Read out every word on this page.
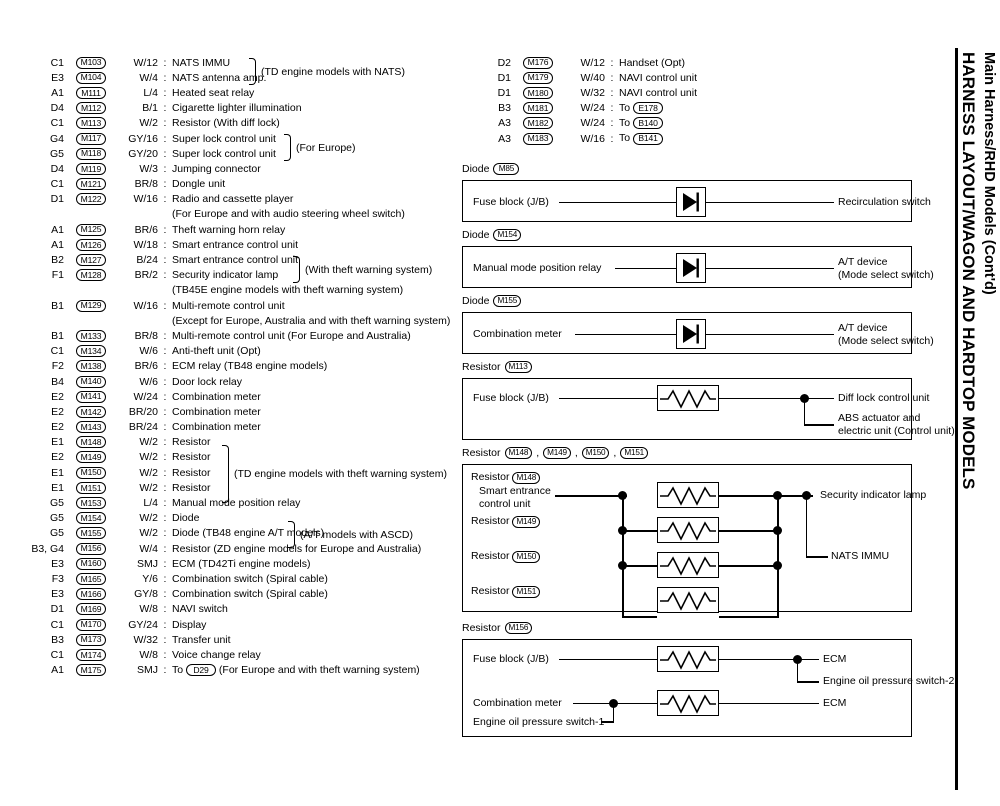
C1	M103	W/12 : NATS IMMU
E3	M104	W/4 : NATS antenna amp.
A1	M111	L/4 : Heated seat relay
D4	M112	B/1 : Cigarette lighter illumination
C1	M113	W/2 : Resistor (With diff lock)
G4	M117	GY/16 : Super lock control unit
G5	M118	GY/20 : Super lock control unit
D4	M119	W/3 : Jumping connector
C1	M121	BR/8 : Dongle unit
D1	M122	W/16 : Radio and cassette player
(For Europe and with audio steering wheel switch)
A1	M125	BR/6 : Theft warning horn relay
A1	M126	W/18 : Smart entrance control unit
B2	M127	B/24 : Smart entrance control unit
F1	M128	BR/2 : Security indicator lamp
(TB45E engine models with theft warning system)
B1	M129	W/16 : Multi-remote control unit
(Except for Europe, Australia and with theft warning system)
B1	M133	BR/8 : Multi-remote control unit (For Europe and Australia)
C1	M134	W/6 : Anti-theft unit (Opt)
F2	M138	BR/6 : ECM relay (TB48 engine models)
B4	M140	W/6 : Door lock relay
E2	M141	W/24 : Combination meter
E2	M142	BR/20 : Combination meter
E2	M143	BR/24 : Combination meter
E1	M148	W/2 : Resistor
E2	M149	W/2 : Resistor
E1	M150	W/2 : Resistor
E1	M151	W/2 : Resistor
G5	M153	L/4 : Manual mode position relay
G5	M154	W/2 : Diode
G5	M155	W/2 : Diode (TB48 engine A/T models)
B3, G4	M156	W/4 : Resistor (ZD engine models for Europe and Australia)
E3	M160	SMJ : ECM (TD42Ti engine models)
F3	M165	Y/6 : Combination switch (Spiral cable)
E3	M166	GY/8 : Combination switch (Spiral cable)
D1	M169	W/8 : NAVI switch
C1	M170	GY/24 : Display
B3	M173	W/32 : Transfer unit
C1	M174	W/8 : Voice change relay
A1	M175	SMJ : To D29 (For Europe and with theft warning system)
(TD engine models with NATS)
(For Europe)
(With theft warning system)
(TD engine models with theft warning system)
(A/T models with ASCD)
D2	M176	W/12 : Handset (Opt)
D1	M179	W/40 : NAVI control unit
D1	M180	W/32 : NAVI control unit
B3	M181	W/24 : To E178
A3	M182	W/24 : To B140
A3	M183	W/16 : To B141
Diode	M85
Fuse block (J/B)	Recirculation switch
Diode M154
Manual mode position relay	A/T device
(Mode select switch)
Diode M155
Combination meter	A/T device
(Mode select switch)
Resistor M113
Fuse block (J/B)	Diff lock control unit
ABS actuator and
electric unit (Control unit)
Resistor M148 , M149 , M150 , M151
Resistor M148
Smart entrance
control unit
Resistor M149
Resistor M150
Resistor M151
Security indicator lamp
NATS IMMU
Resistor M156
Fuse block (J/B)	ECM
Engine oil pressure switch-2
Combination meter	ECM
Engine oil pressure switch-1
HARNESS LAYOUT/WAGON AND HARDTOP MODELS Main Harness/RHD Models (Cont'd)
